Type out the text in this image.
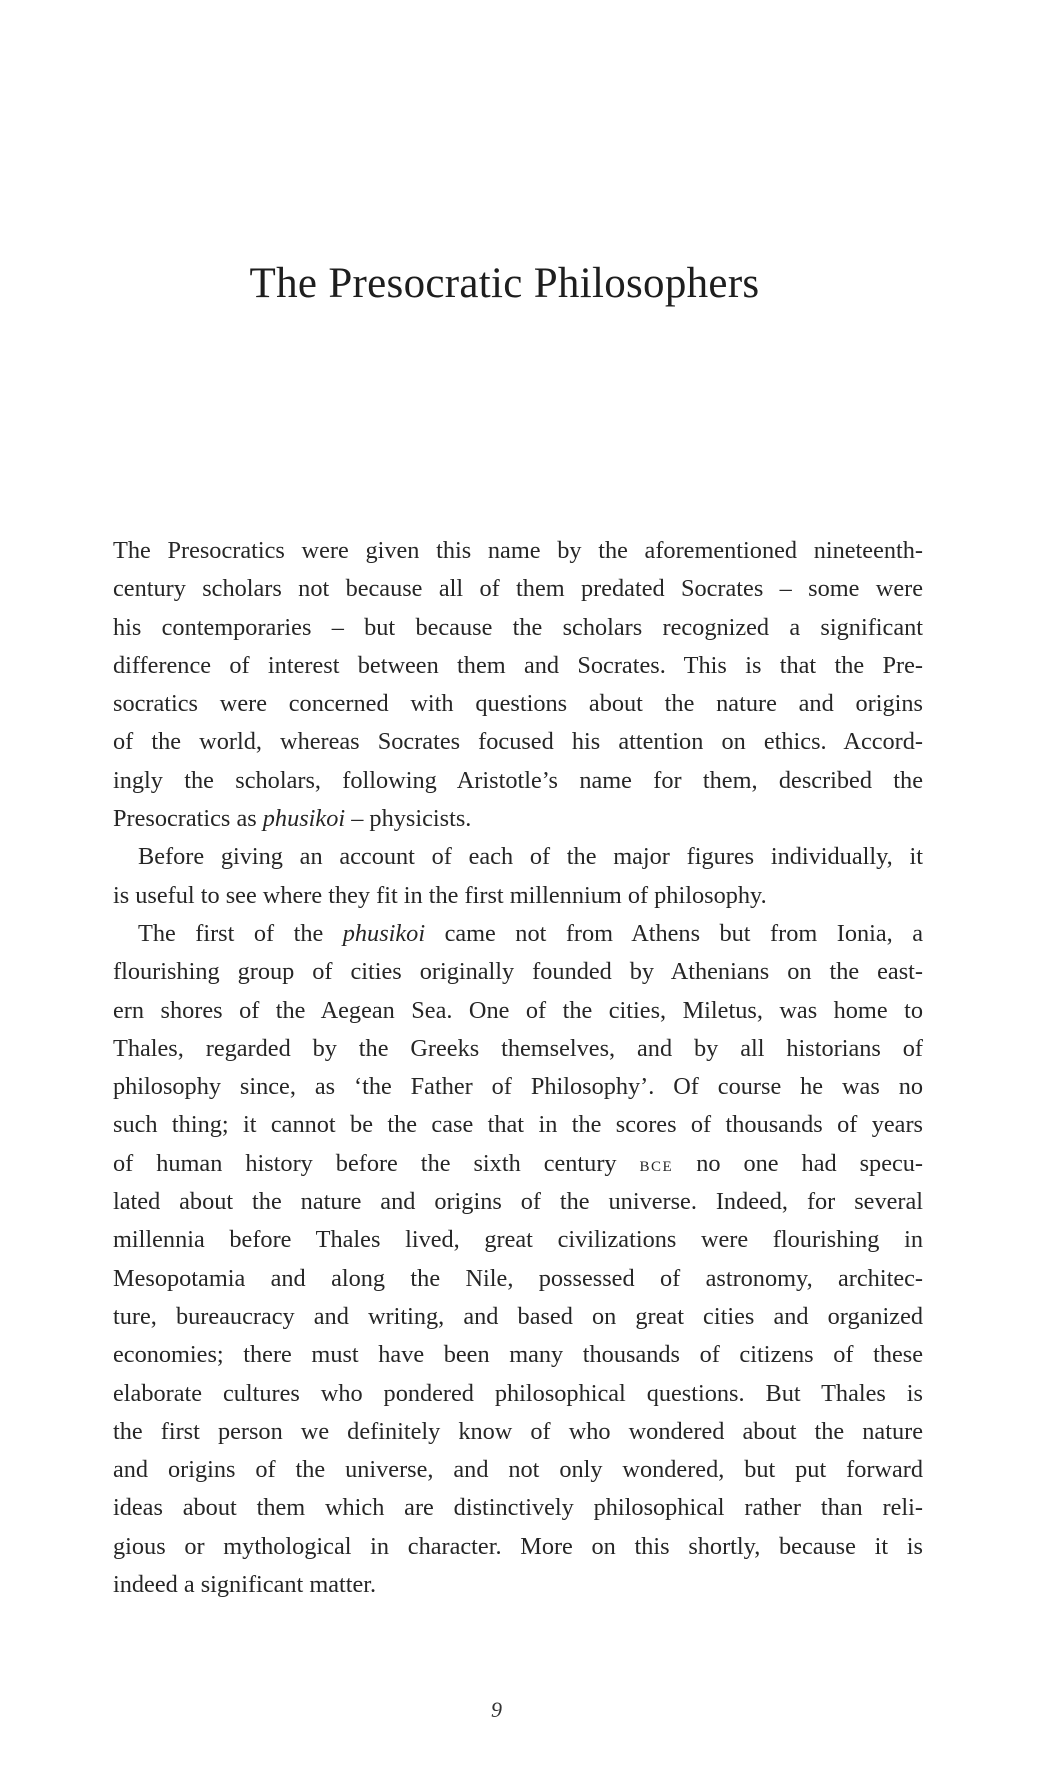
The Presocratic Philosophers

The Presocratics were given this name by the aforementioned nineteenth-
century scholars not because all of them predated Socrates – some were
his contemporaries – but because the scholars recognized a significant
difference of interest between them and Socrates. This is that the Pre-
socratics were concerned with questions about the nature and origins
of the world, whereas Socrates focused his attention on ethics. Accord-
ingly the scholars, following Aristotle’s name for them, described the
Presocratics as phusikoi – physicists.

Before giving an account of each of the major figures individually, it
is useful to see where they fit in the first millennium of philosophy.

The first of the phusikoi came not from Athens but from Ionia, a
flourishing group of cities originally founded by Athenians on the east-
ern shores of the Aegean Sea. One of the cities, Miletus, was home to
Thales, regarded by the Greeks themselves, and by all historians of
philosophy since, as ‘the Father of Philosophy’. Of course he was no
such thing; it cannot be the case that in the scores of thousands of years
of human history before the sixth century bce no one had specu-
lated about the nature and origins of the universe. Indeed, for several
millennia before Thales lived, great civilizations were flourishing in
Mesopotamia and along the Nile, possessed of astronomy, architec-
ture, bureaucracy and writing, and based on great cities and organized
economies; there must have been many thousands of citizens of these
elaborate cultures who pondered philosophical questions. But Thales is
the first person we definitely know of who wondered about the nature
and origins of the universe, and not only wondered, but put forward
ideas about them which are distinctively philosophical rather than reli-
gious or mythological in character. More on this shortly, because it is
indeed a significant matter.

9
